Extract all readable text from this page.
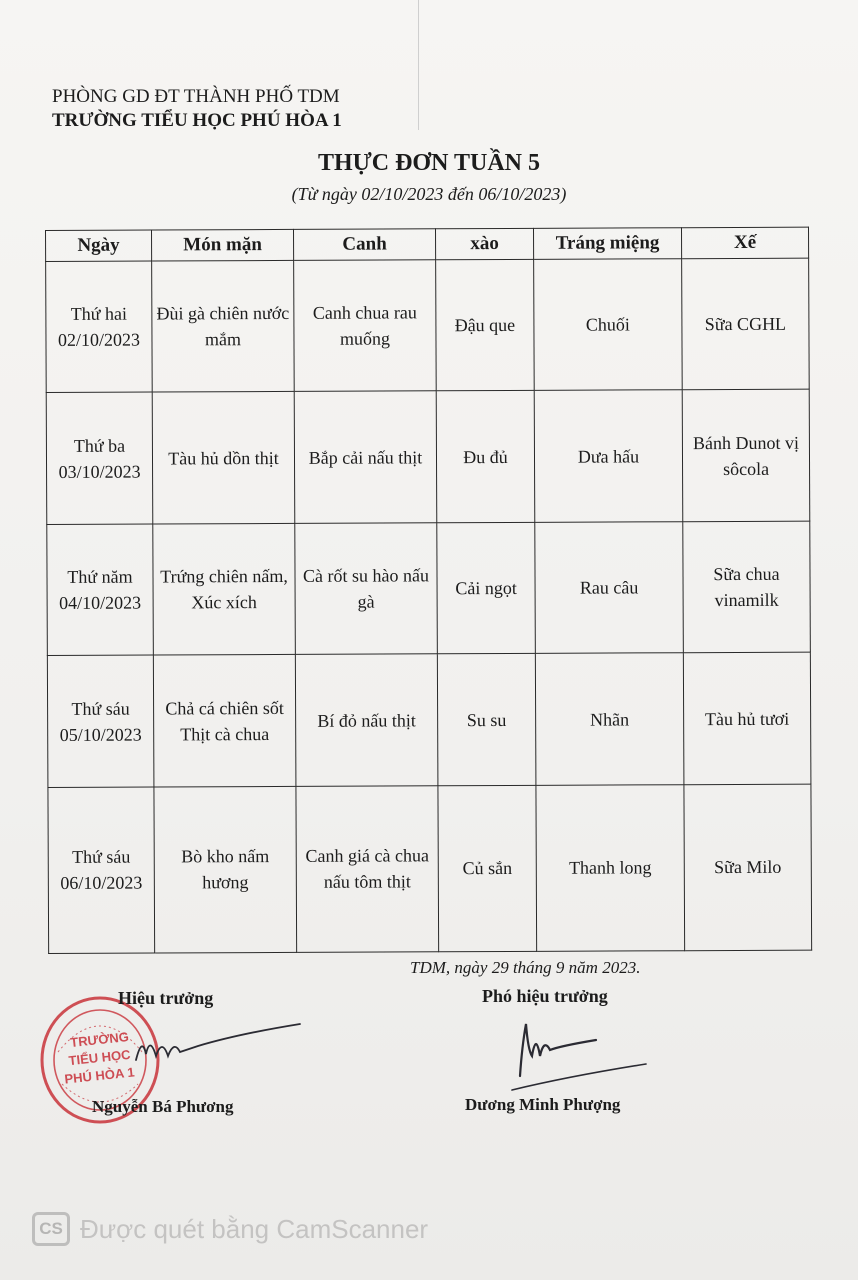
PHÒNG GD ĐT THÀNH PHỐ TDM
TRƯỜNG TIỂU HỌC PHÚ HÒA 1
THỰC ĐƠN TUẦN 5
(Từ ngày 02/10/2023 đến 06/10/2023)
Ngày	Món mặn	Canh	xào	Tráng miệng	Xế
Thứ hai
02/10/2023	Đùi gà chiên nước mắm	Canh chua rau muống	Đậu que	Chuối	Sữa CGHL
Thứ ba
03/10/2023	Tàu hủ dồn thịt	Bắp cải nấu thịt	Đu đủ	Dưa hấu	Bánh Dunot vị sôcola
Thứ năm
04/10/2023	Trứng chiên nấm, Xúc xích	Cà rốt su hào nấu gà	Cải ngọt	Rau câu	Sữa chua vinamilk
Thứ sáu
05/10/2023	Chả cá chiên sốt Thịt cà chua	Bí đỏ nấu thịt	Su su	Nhãn	Tàu hủ tươi
Thứ sáu
06/10/2023	Bò kho nấm hương	Canh giá cà chua nấu tôm thịt	Củ sắn	Thanh long	Sữa Milo
TDM, ngày 29 tháng 9 năm 2023.
TRƯỜNG
TIỂU HỌC
PHÚ HÒA 1
Hiệu trưởng	Phó hiệu trưởng
Nguyễn Bá Phương	Dương Minh Phượng
CS Được quét bằng CamScanner
